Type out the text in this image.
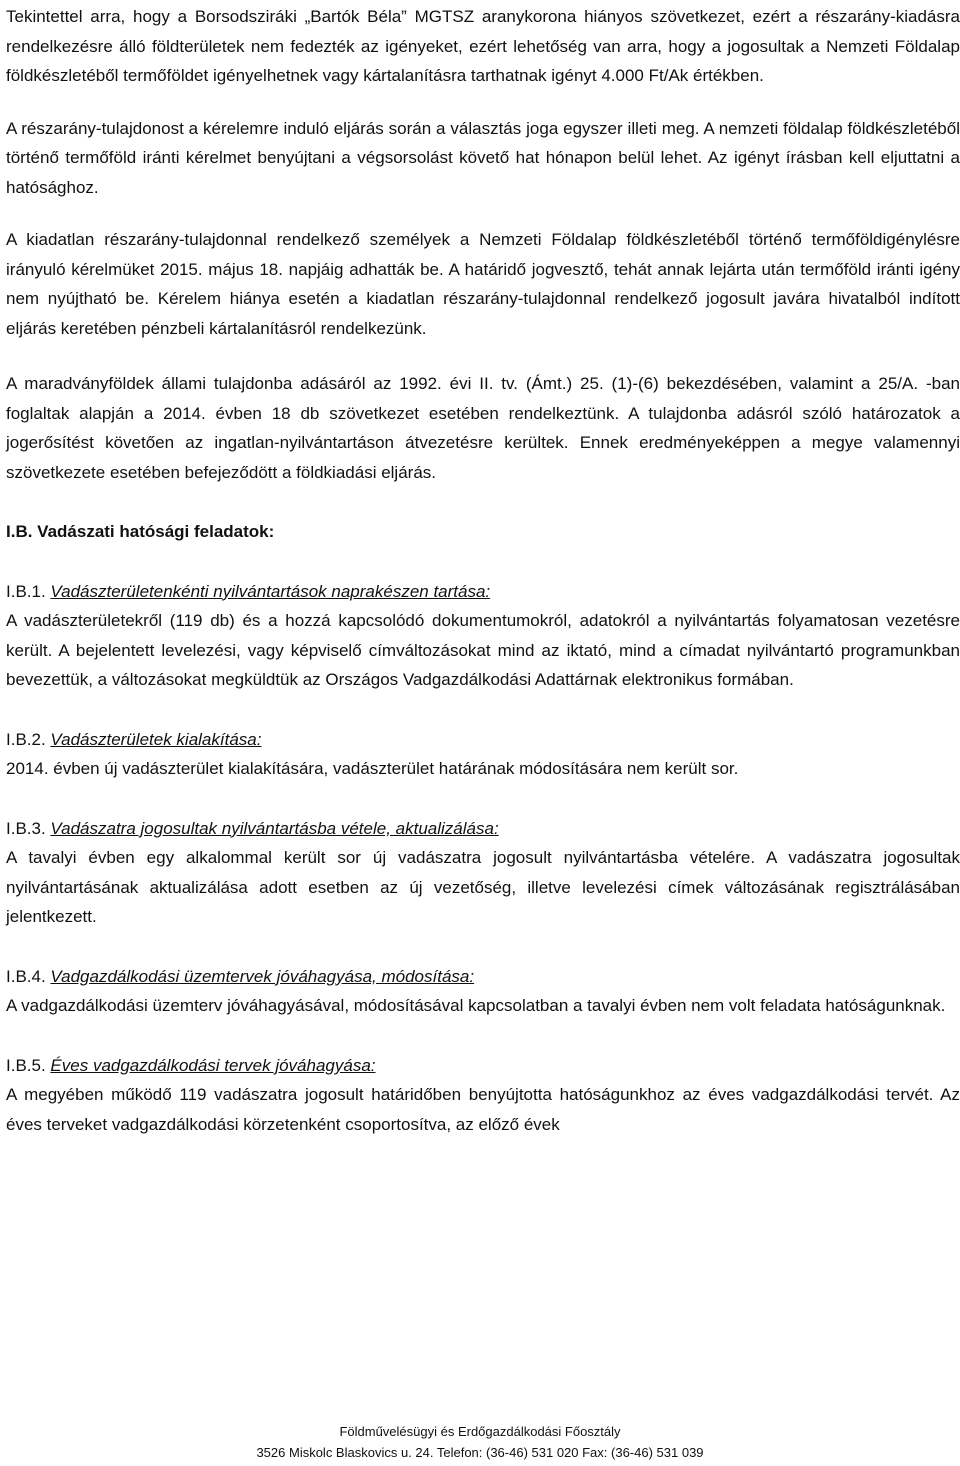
Tekintettel arra, hogy a Borsodsziráki „Bartók Béla” MGTSZ aranykorona hiányos szövetkezet, ezért a részarány-kiadásra rendelkezésre álló földterületek nem fedezték az igényeket, ezért lehetőség van arra, hogy a jogosultak a Nemzeti Földalap földkészletéből termőföldet igényelhetnek vagy kártalanításra tarthatnak igényt 4.000 Ft/Ak értékben.

A részarány-tulajdonost a kérelemre induló eljárás során a választás joga egyszer illeti meg. A nemzeti földalap földkészletéből történő termőföld iránti kérelmet benyújtani a végsorsolást követő hat hónapon belül lehet. Az igényt írásban kell eljuttatni a hatósághoz.

A kiadatlan részarány-tulajdonnal rendelkező személyek a Nemzeti Földalap földkészletéből történő termőföldigénylésre irányuló kérelmüket 2015. május 18. napjáig adhatták be. A határidő jogvesztő, tehát annak lejárta után termőföld iránti igény nem nyújtható be. Kérelem hiánya esetén a kiadatlan részarány-tulajdonnal rendelkező jogosult javára hivatalból indított eljárás keretében pénzbeli kártalanításról rendelkezünk.

A maradványföldek állami tulajdonba adásáról az 1992. évi II. tv. (Ámt.) 25. (1)-(6) bekezdésében, valamint a 25/A. -ban foglaltak alapján a 2014. évben 18 db szövetkezet esetében rendelkeztünk. A tulajdonba adásról szóló határozatok a jogerősítést követően az ingatlan-nyilvántartáson átvezetésre kerültek. Ennek eredményeképpen a megye valamennyi szövetkezete esetében befejeződött a földkiadási eljárás.

I.B. Vadászati hatósági feladatok:

I.B.1. Vadászterületenkénti nyilvántartások naprakészen tartása:

A vadászterületekről (119 db) és a hozzá kapcsolódó dokumentumokról, adatokról a nyilvántartás folyamatosan vezetésre került. A bejelentett levelezési, vagy képviselő címváltozásokat mind az iktató, mind a címadat nyilvántartó programunkban bevezettük, a változásokat megküldtük az Országos Vadgazdálkodási Adattárnak elektronikus formában.

I.B.2. Vadászterületek kialakítása:

2014. évben új vadászterület kialakítására, vadászterület határának módosítására nem került sor.

I.B.3. Vadászatra jogosultak nyilvántartásba vétele, aktualizálása:

A tavalyi évben egy alkalommal került sor új vadászatra jogosult nyilvántartásba vételére. A vadászatra jogosultak nyilvántartásának aktualizálása adott esetben az új vezetőség, illetve levelezési címek változásának regisztrálásában jelentkezett.

I.B.4. Vadgazdálkodási üzemtervek jóváhagyása, módosítása:

A vadgazdálkodási üzemterv jóváhagyásával, módosításával kapcsolatban a tavalyi évben nem volt feladata hatóságunknak.

I.B.5. Éves vadgazdálkodási tervek jóváhagyása:

A megyében működő 119 vadászatra jogosult határidőben benyújtotta hatóságunkhoz az éves vadgazdálkodási tervét. Az éves terveket vadgazdálkodási körzetenként csoportosítva, az előző évek

Földművelésügyi és Erdőgazdálkodási Főosztály
3526 Miskolc Blaskovics u. 24. Telefon: (36-46) 531 020 Fax: (36-46) 531 039
